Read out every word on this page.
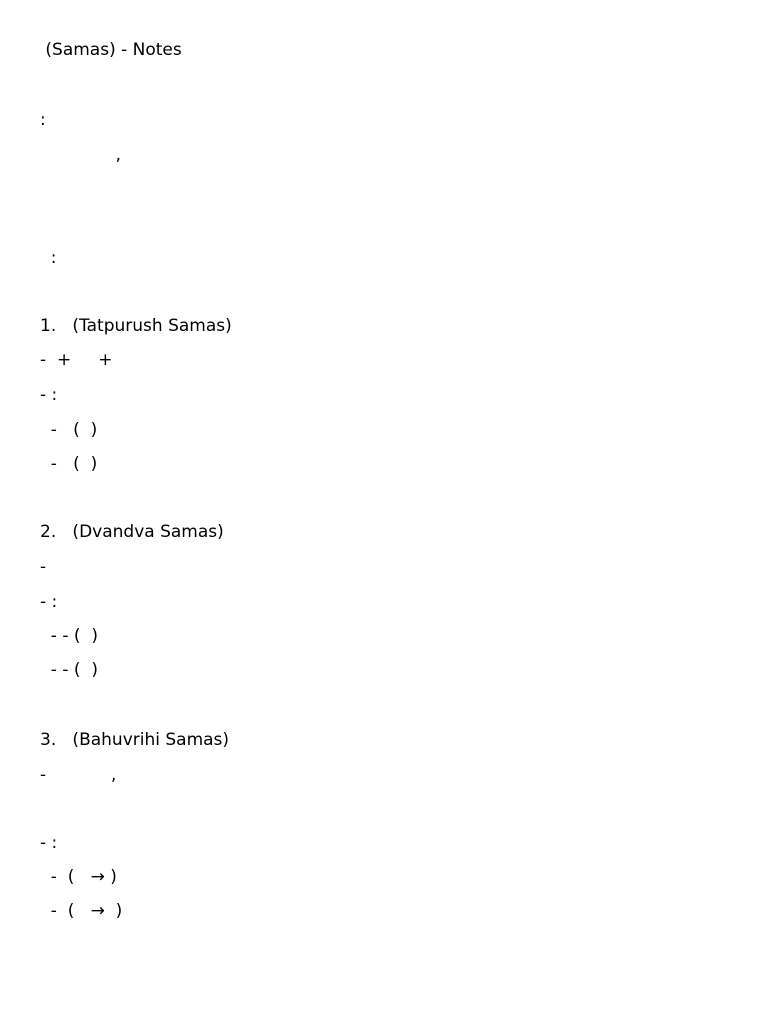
(Samas) - Notes
:
,
:
1.   (Tatpurush Samas)
-  +     +
- :
-   (  )
-   (  )
2.   (Dvandva Samas)
-
- :
- - (  )
- - (  )
3.   (Bahuvrihi Samas)
-            ,
- :
-  (   → )
-  (   →  )
